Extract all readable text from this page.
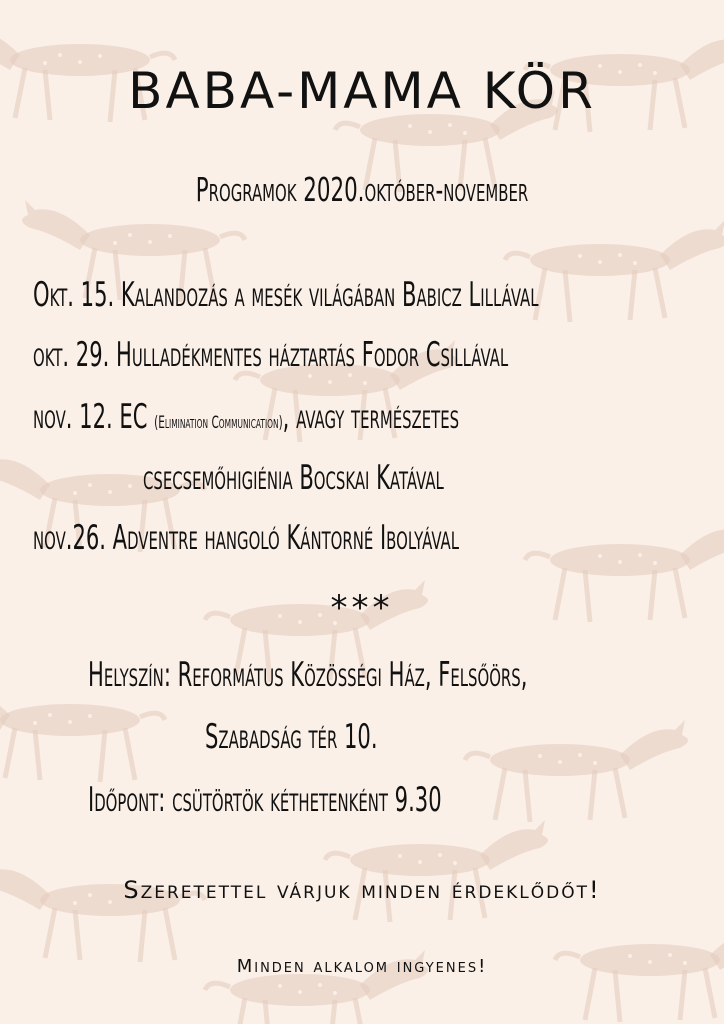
BABA-MAMA KÖR
Programok 2020.október-november
Okt. 15. Kalandozás a mesék világában Babicz Lillával
okt. 29. Hulladékmentes háztartás Fodor Csillával
nov. 12. EC (Elimination Communication), avagy természetes
csecsemőhigiénia Bocskai Katával
nov.26. Adventre hangoló Kántorné Ibolyával
***
Helyszín: Református Közösségi Ház, Felsőörs,
Szabadság tér 10.
Időpont: csütörtök kéthetenként 9.30
Szeretettel várjuk minden érdeklődőt!
Minden alkalom ingyenes!
